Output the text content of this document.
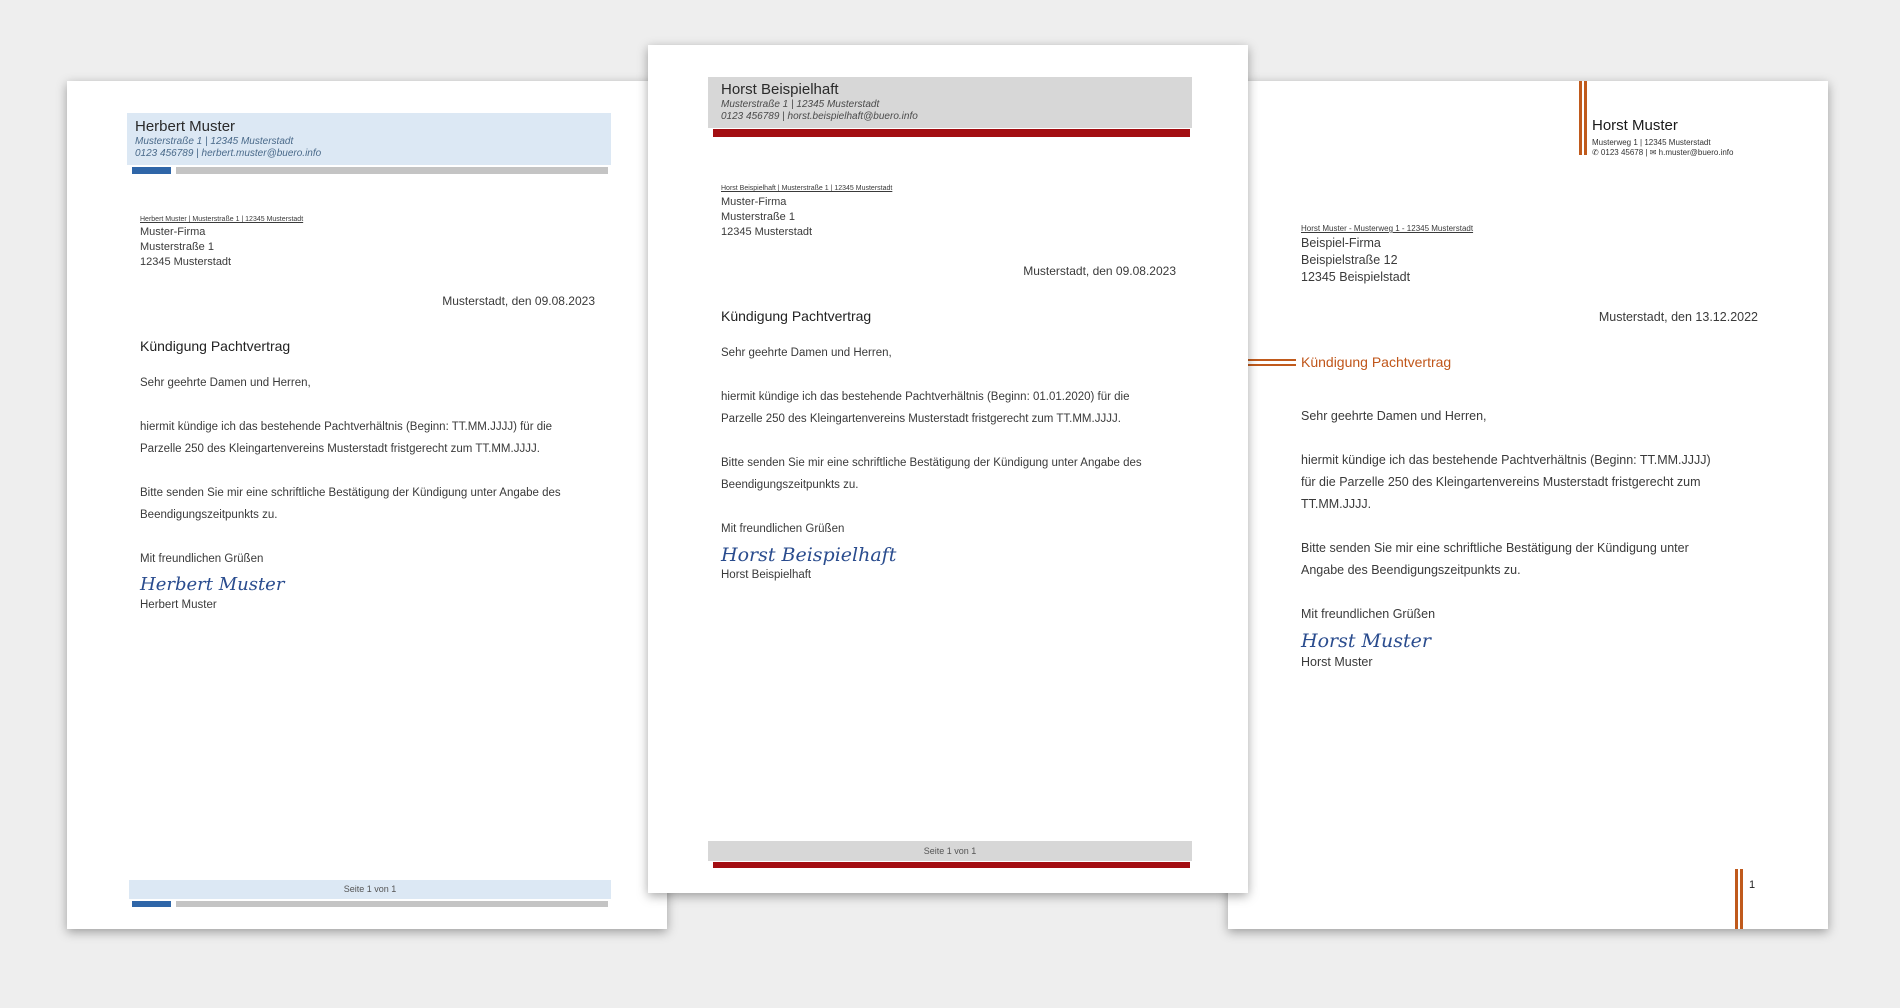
Herbert Muster
Musterstraße 1 | 12345 Musterstadt
0123 456789 | herbert.muster@buero.info
Herbert Muster | Musterstraße 1 | 12345 Musterstadt
Muster-Firma
Musterstraße 1
12345 Musterstadt
Musterstadt, den 09.08.2023
Kündigung Pachtvertrag
Sehr geehrte Damen und Herren,
hiermit kündige ich das bestehende Pachtverhältnis (Beginn: TT.MM.JJJJ) für die
Parzelle 250 des Kleingartenvereins Musterstadt fristgerecht zum TT.MM.JJJJ.
Bitte senden Sie mir eine schriftliche Bestätigung der Kündigung unter Angabe des
Beendigungszeitpunkts zu.
Mit freundlichen Grüßen
Herbert Muster
Herbert Muster
Seite 1 von 1
Horst Muster
Musterweg 1 | 12345 Musterstadt
✆ 0123 45678 | ✉ h.muster@buero.info
Horst Muster - Musterweg 1 - 12345 Musterstadt
Beispiel-Firma
Beispielstraße 12
12345 Beispielstadt
Musterstadt, den 13.12.2022
Kündigung Pachtvertrag
Sehr geehrte Damen und Herren,
hiermit kündige ich das bestehende Pachtverhältnis (Beginn: TT.MM.JJJJ)
für die Parzelle 250 des Kleingartenvereins Musterstadt fristgerecht zum
TT.MM.JJJJ.
Bitte senden Sie mir eine schriftliche Bestätigung der Kündigung unter
Angabe des Beendigungszeitpunkts zu.
Mit freundlichen Grüßen
Horst Muster
Horst Muster
1
Horst Beispielhaft
Musterstraße 1 | 12345 Musterstadt
0123 456789 | horst.beispielhaft@buero.info
Horst Beispielhaft | Musterstraße 1 | 12345 Musterstadt
Muster-Firma
Musterstraße 1
12345 Musterstadt
Musterstadt, den 09.08.2023
Kündigung Pachtvertrag
Sehr geehrte Damen und Herren,
hiermit kündige ich das bestehende Pachtverhältnis (Beginn: 01.01.2020) für die
Parzelle 250 des Kleingartenvereins Musterstadt fristgerecht zum TT.MM.JJJJ.
Bitte senden Sie mir eine schriftliche Bestätigung der Kündigung unter Angabe des
Beendigungszeitpunkts zu.
Mit freundlichen Grüßen
Horst Beispielhaft
Horst Beispielhaft
Seite 1 von 1
